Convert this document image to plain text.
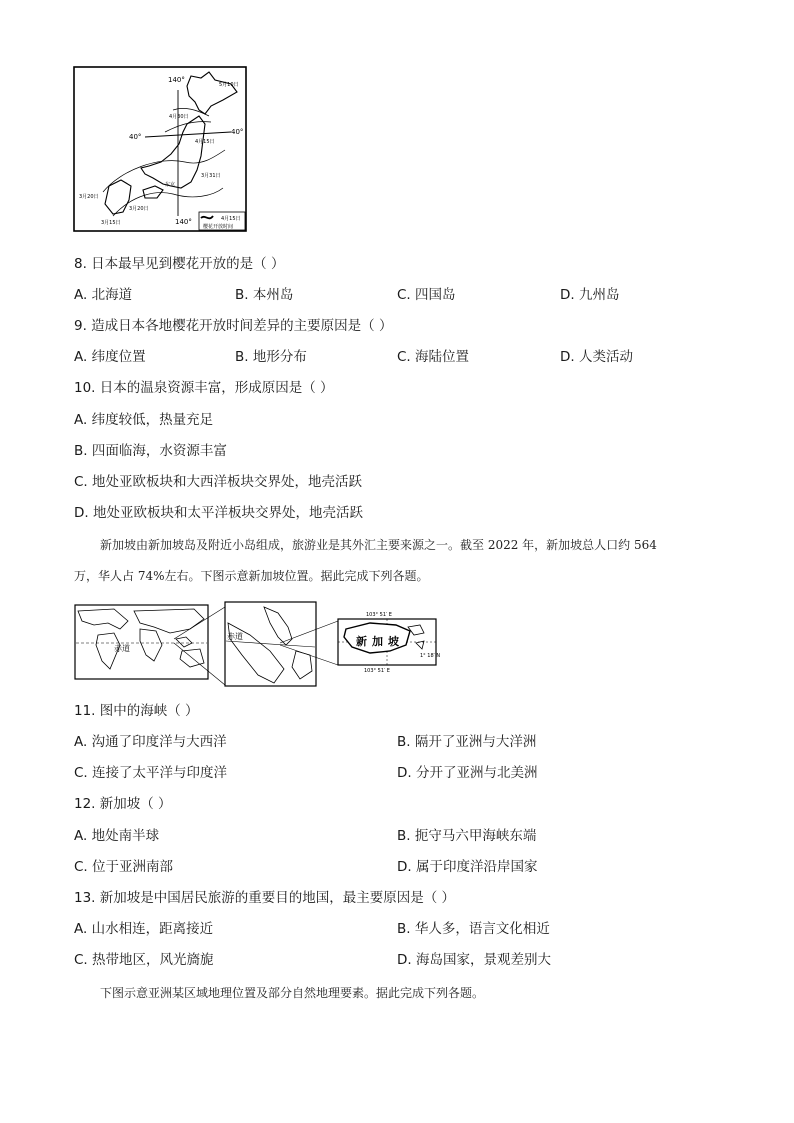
140°
140°
40°
40°
5月10日
4月30日
4月15日
3月31日
东京
3月20日
3月20日
3月15日
4月15日
樱花开放时间
8. 日本最早见到樱花开放的是（ ）
A. 北海道	B. 本州岛	C. 四国岛	D. 九州岛
9. 造成日本各地樱花开放时间差异的主要原因是（ ）
A. 纬度位置	B. 地形分布	C. 海陆位置	D. 人类活动
10. 日本的温泉资源丰富，形成原因是（ ）
A. 纬度较低，热量充足
B. 四面临海，水资源丰富
C. 地处亚欧板块和大西洋板块交界处，地壳活跃
D. 地处亚欧板块和太平洋板块交界处，地壳活跃
新加坡由新加坡岛及附近小岛组成，旅游业是其外汇主要来源之一。截至 2022 年，新加坡总人口约 564
万，华人占 74%左右。下图示意新加坡位置。据此完成下列各题。
赤道
赤道	新 加 坡
103° 51′ E
1° 18′ N
103° 51′ E
11. 图中的海峡（ ）
A. 沟通了印度洋与大西洋	B. 隔开了亚洲与大洋洲
C. 连接了太平洋与印度洋	D. 分开了亚洲与北美洲
12. 新加坡（ ）
A. 地处南半球	B. 扼守马六甲海峡东端
C. 位于亚洲南部	D. 属于印度洋沿岸国家
13. 新加坡是中国居民旅游的重要目的地国，最主要原因是（ ）
A. 山水相连，距离接近	B. 华人多，语言文化相近
C. 热带地区，风光旖旎	D. 海岛国家，景观差别大
下图示意亚洲某区域地理位置及部分自然地理要素。据此完成下列各题。
